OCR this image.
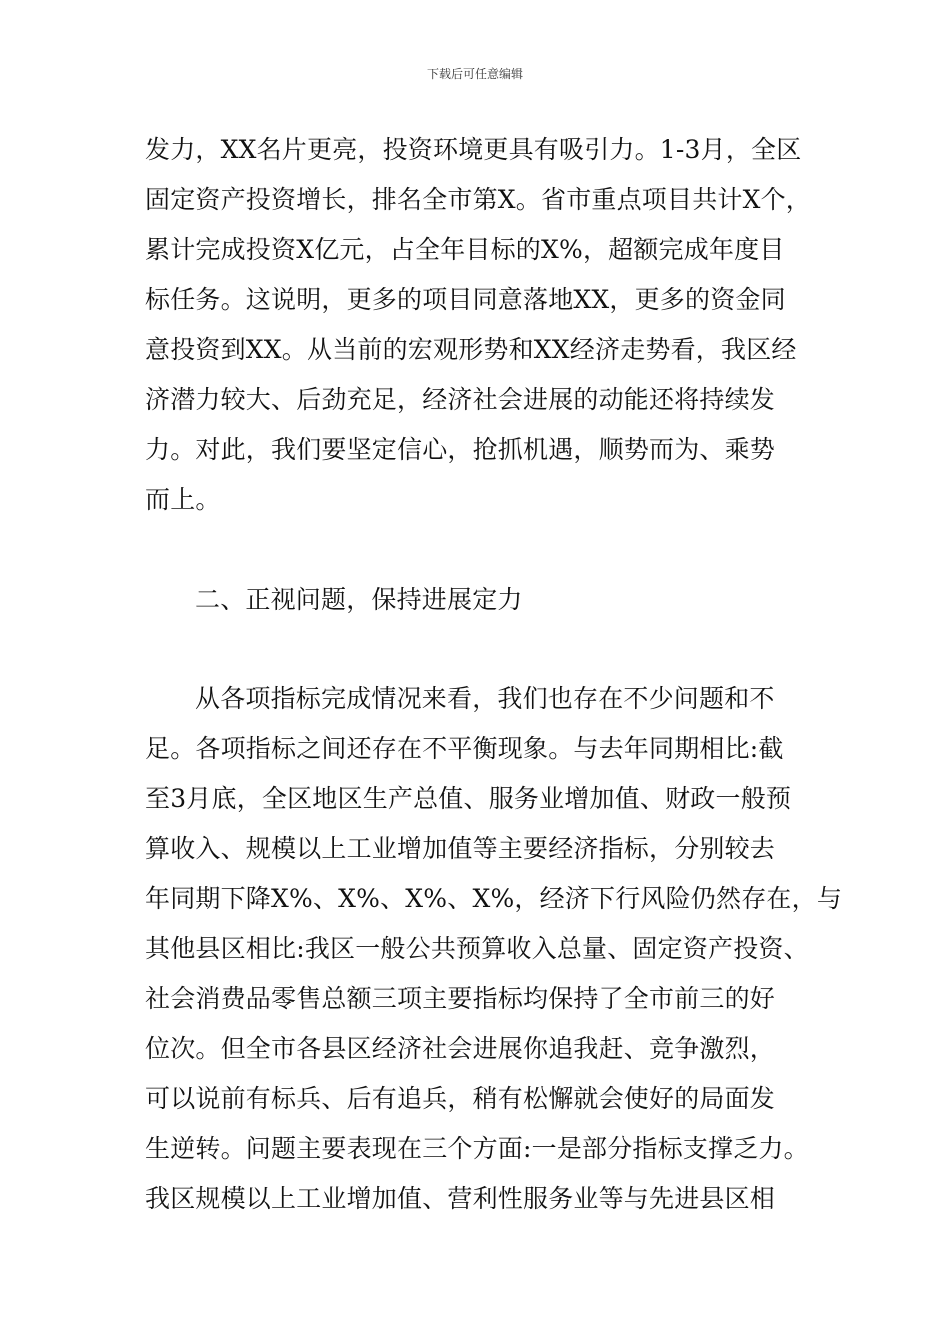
下载后可任意编辑
发力，XX名片更亮，投资环境更具有吸引力。1-3月，全区
固定资产投资增长，排名全市第X。省市重点项目共计X个，
累计完成投资X亿元，占全年目标的X%，超额完成年度目
标任务。这说明，更多的项目同意落地XX，更多的资金同
意投资到XX。从当前的宏观形势和XX经济走势看，我区经
济潜力较大、后劲充足，经济社会进展的动能还将持续发
力。对此，我们要坚定信心，抢抓机遇，顺势而为、乘势
而上。
二、正视问题，保持进展定力
从各项指标完成情况来看，我们也存在不少问题和不
足。各项指标之间还存在不平衡现象。与去年同期相比:截
至3月底，全区地区生产总值、服务业增加值、财政一般预
算收入、规模以上工业增加值等主要经济指标，分别较去
年同期下降X%、X%、X%、X%，经济下行风险仍然存在，与
其他县区相比:我区一般公共预算收入总量、固定资产投资、
社会消费品零售总额三项主要指标均保持了全市前三的好
位次。但全市各县区经济社会进展你追我赶、竞争激烈，
可以说前有标兵、后有追兵，稍有松懈就会使好的局面发
生逆转。问题主要表现在三个方面:一是部分指标支撑乏力。
我区规模以上工业增加值、营利性服务业等与先进县区相
